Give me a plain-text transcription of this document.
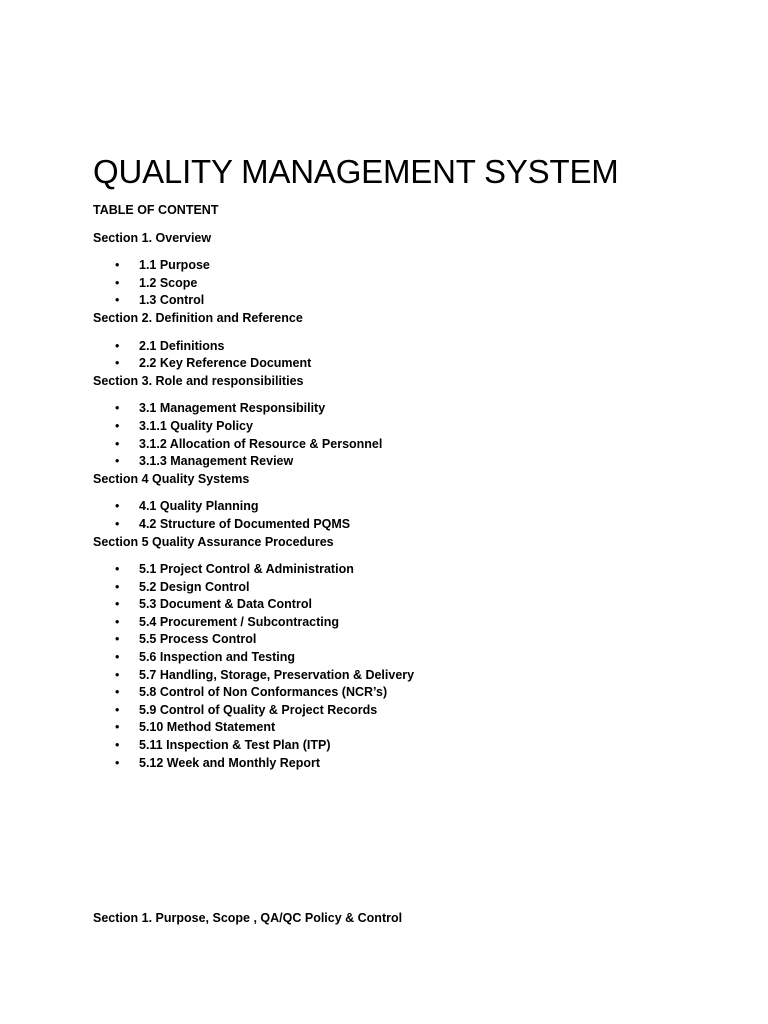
QUALITY MANAGEMENT SYSTEM

TABLE OF CONTENT

Section 1. Overview

• 1.1 Purpose
• 1.2 Scope
• 1.3 Control

Section 2. Definition and Reference

• 2.1 Definitions
• 2.2 Key Reference Document

Section 3. Role and responsibilities

• 3.1 Management Responsibility
• 3.1.1 Quality Policy
• 3.1.2 Allocation of Resource & Personnel
• 3.1.3 Management Review

Section 4 Quality Systems

• 4.1 Quality Planning
• 4.2 Structure of Documented PQMS

Section 5 Quality Assurance Procedures

• 5.1 Project Control & Administration
• 5.2 Design Control
• 5.3 Document & Data Control
• 5.4 Procurement / Subcontracting
• 5.5 Process Control
• 5.6 Inspection and Testing
• 5.7 Handling, Storage, Preservation & Delivery
• 5.8 Control of Non Conformances (NCR’s)
• 5.9 Control of Quality & Project Records
• 5.10 Method Statement
• 5.11 Inspection & Test Plan (ITP)
• 5.12 Week and Monthly Report

Section 1. Purpose, Scope , QA/QC Policy & Control
